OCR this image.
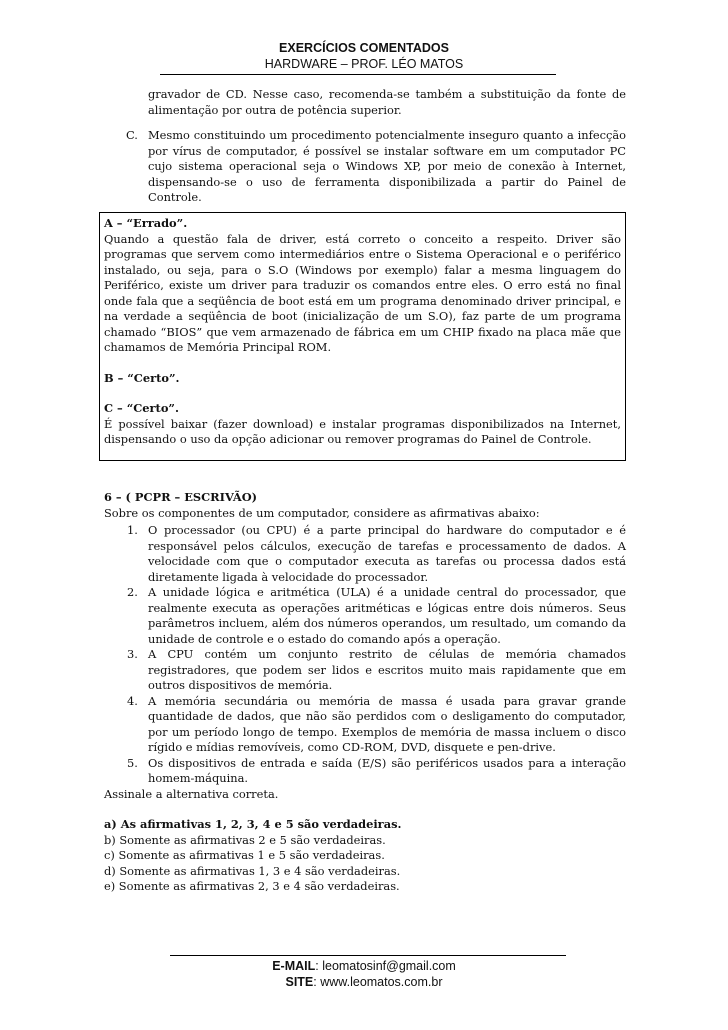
EXERCÍCIOS COMENTADOS
HARDWARE – PROF. LÉO MATOS
gravador de CD. Nesse caso, recomenda-se também a substituição da fonte de alimentação por outra de potência superior.
C. Mesmo constituindo um procedimento potencialmente inseguro quanto a infecção por vírus de computador, é possível se instalar software em um computador PC cujo sistema operacional seja o Windows XP, por meio de conexão à Internet, dispensando-se o uso de ferramenta disponibilizada a partir do Painel de Controle.

A – “Errado”.

Quando a questão fala de driver, está correto o conceito a respeito. Driver são programas que servem como intermediários entre o Sistema Operacional e o periférico instalado, ou seja, para o S.O (Windows por exemplo) falar a mesma linguagem do Periférico, existe um driver para traduzir os comandos entre eles. O erro está no final onde fala que a seqüência de boot está em um programa denominado driver principal, e na verdade a seqüência de boot (inicialização de um S.O), faz parte de um programa chamado “BIOS” que vem armazenado de fábrica em um CHIP fixado na placa mãe que chamamos de Memória Principal ROM.

B – “Certo”.

C – “Certo”.

É possível baixar (fazer download) e instalar programas disponibilizados na Internet, dispensando o uso da opção adicionar ou remover programas do Painel de Controle.

6 – ( PCPR – ESCRIVÃO)

Sobre os componentes de um computador, considere as afirmativas abaixo:

1. O processador (ou CPU) é a parte principal do hardware do computador e é responsável pelos cálculos, execução de tarefas e processamento de dados. A velocidade com que o computador executa as tarefas ou processa dados está diretamente ligada à velocidade do processador.
2. A unidade lógica e aritmética (ULA) é a unidade central do processador, que realmente executa as operações aritméticas e lógicas entre dois números. Seus parâmetros incluem, além dos números operandos, um resultado, um comando da unidade de controle e o estado do comando após a operação.
3. A CPU contém um conjunto restrito de células de memória chamados registradores, que podem ser lidos e escritos muito mais rapidamente que em outros dispositivos de memória.
4. A memória secundária ou memória de massa é usada para gravar grande quantidade de dados, que não são perdidos com o desligamento do computador, por um período longo de tempo. Exemplos de memória de massa incluem o disco rígido e mídias removíveis, como CD-ROM, DVD, disquete e pen-drive.
5. Os dispositivos de entrada e saída (E/S) são periféricos usados para a interação homem-máquina.

Assinale a alternativa correta.

a) As afirmativas 1, 2, 3, 4 e 5 são verdadeiras.

b) Somente as afirmativas 2 e 5 são verdadeiras.

c) Somente as afirmativas 1 e 5 são verdadeiras.

d) Somente as afirmativas 1, 3 e 4 são verdadeiras.

e) Somente as afirmativas 2, 3 e 4 são verdadeiras.

E-MAIL: leomatosinf@gmail.com
SITE: www.leomatos.com.br
